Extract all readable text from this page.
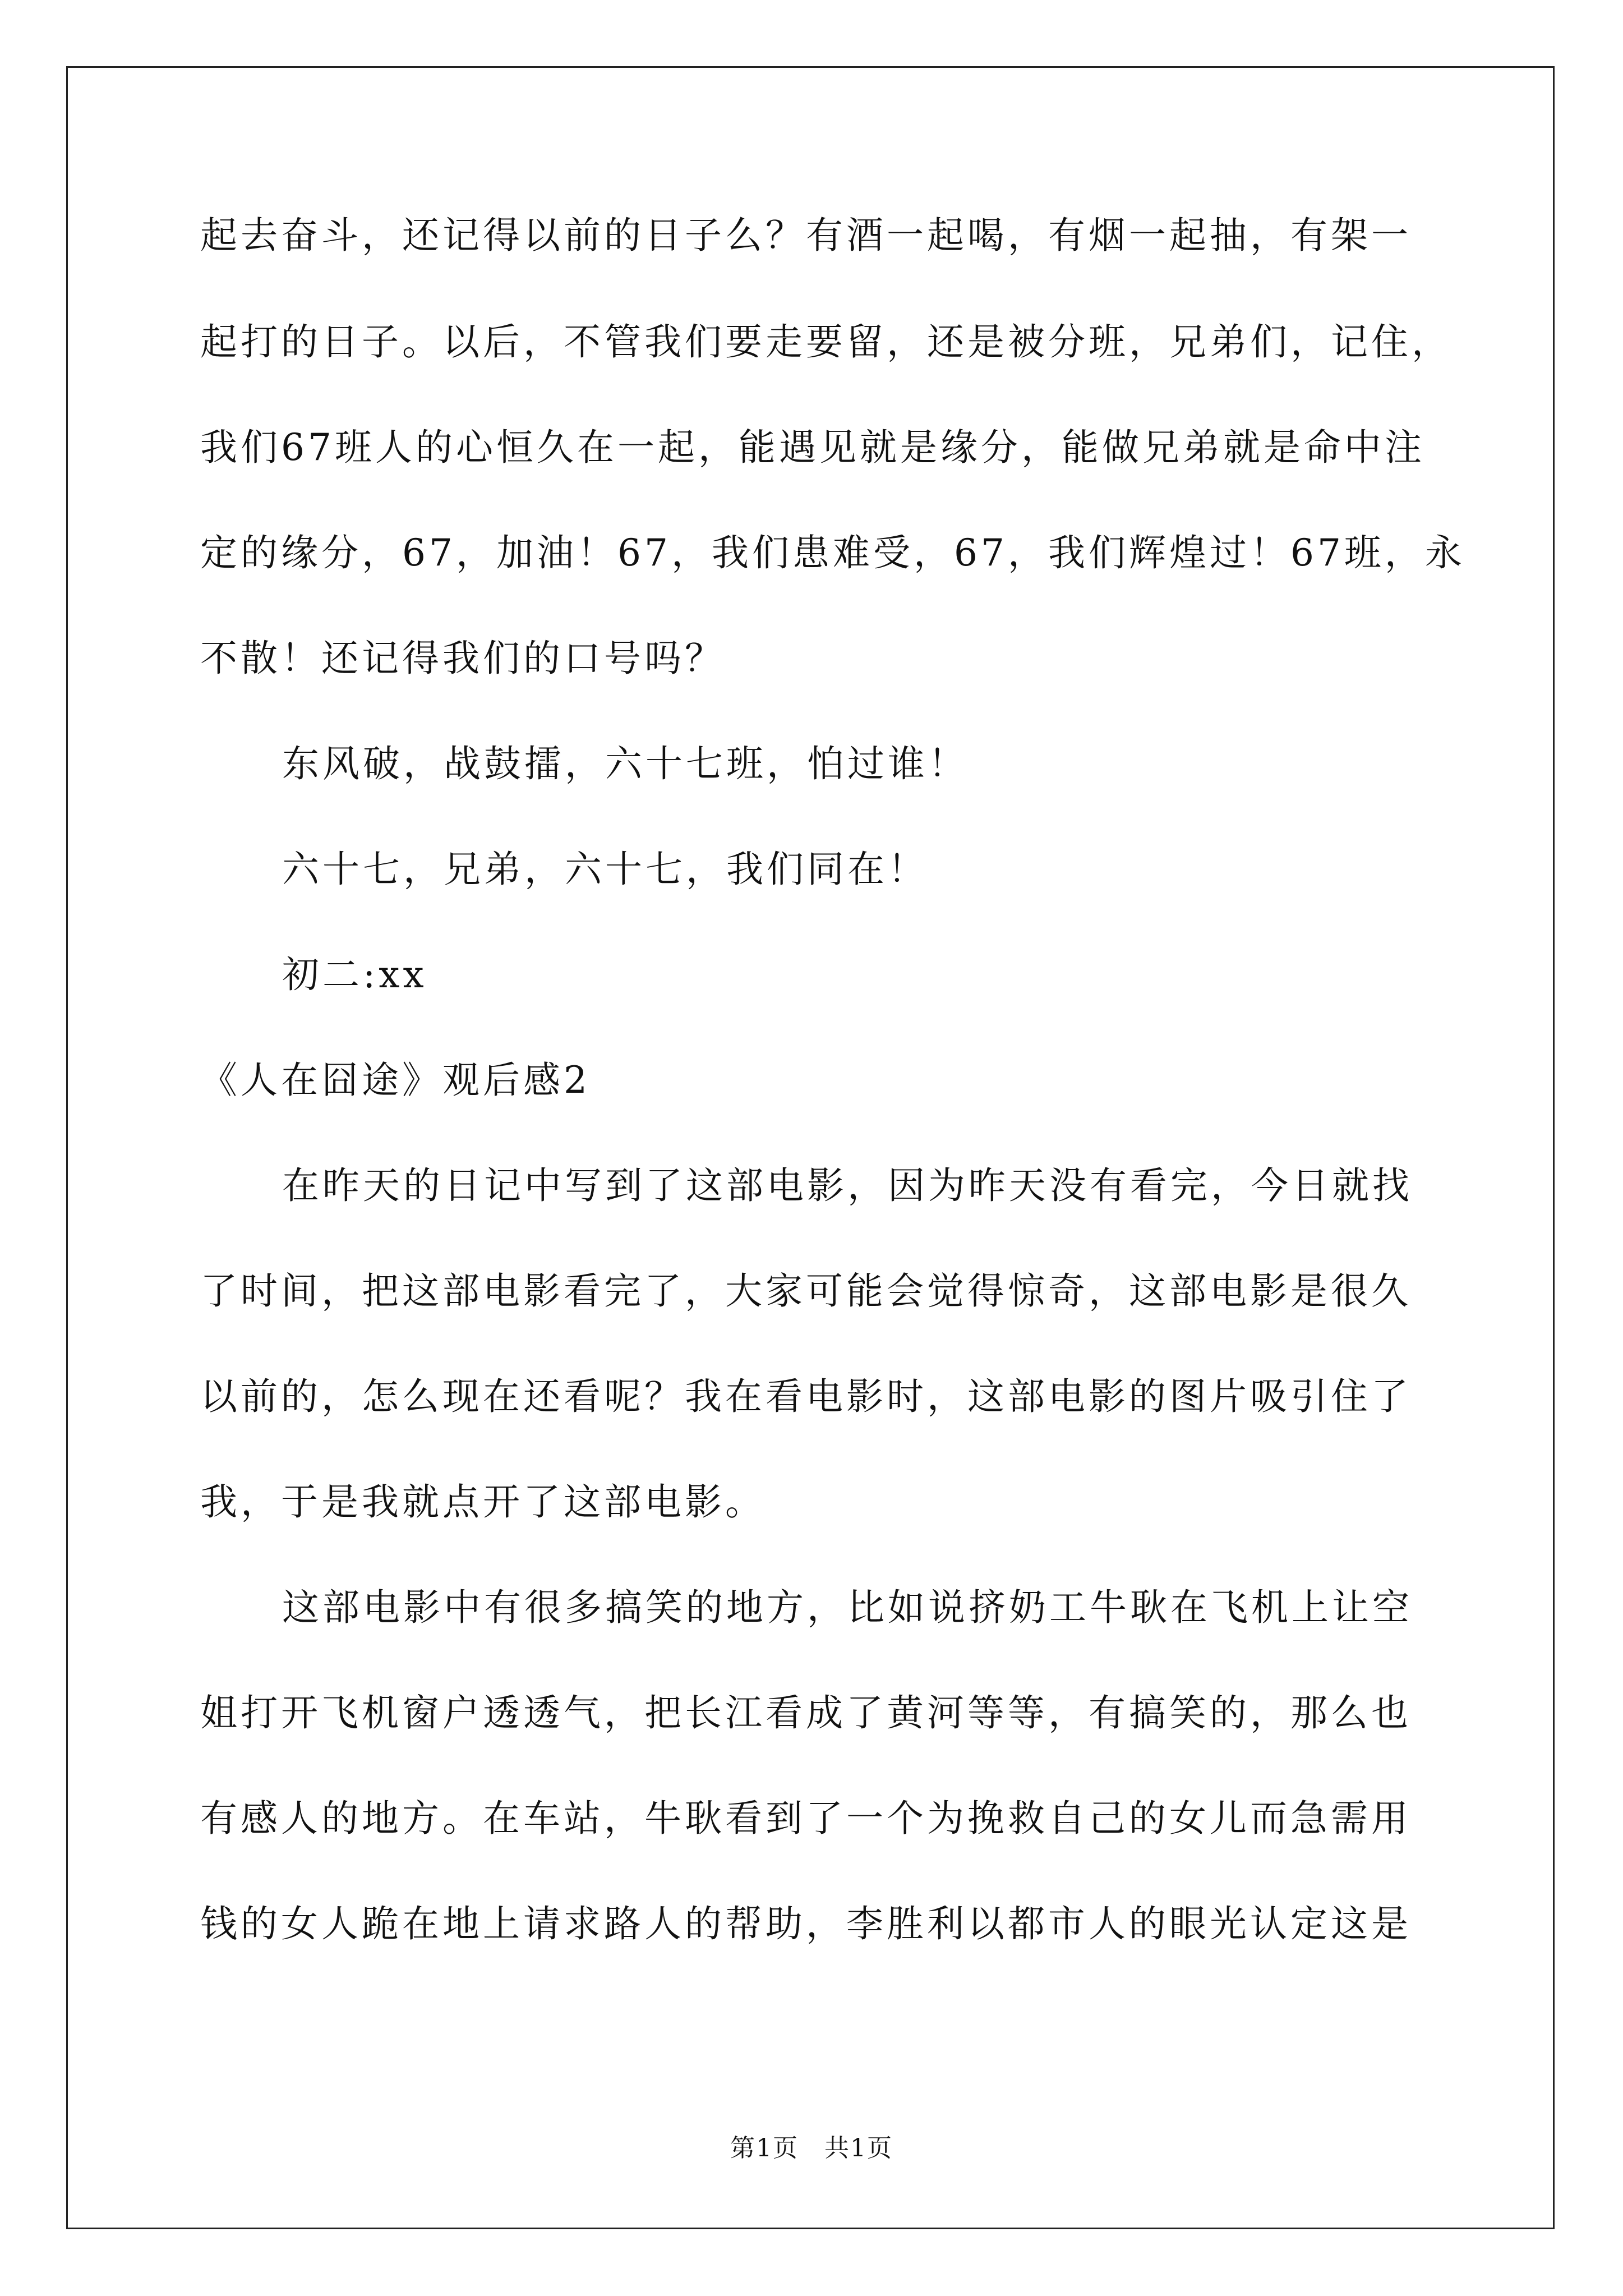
起去奋斗，还记得以前的日子么？有酒一起喝，有烟一起抽，有架一
起打的日子。以后，不管我们要走要留，还是被分班，兄弟们，记住，
我们67班人的心恒久在一起，能遇见就是缘分，能做兄弟就是命中注
定的缘分，67，加油！67，我们患难受，67，我们辉煌过！67班，永
不散！还记得我们的口号吗？
东风破，战鼓擂，六十七班，怕过谁！
六十七，兄弟，六十七，我们同在！
初二:xx
《人在囧途》观后感2
在昨天的日记中写到了这部电影，因为昨天没有看完，今日就找
了时间，把这部电影看完了，大家可能会觉得惊奇，这部电影是很久
以前的，怎么现在还看呢？我在看电影时，这部电影的图片吸引住了
我，于是我就点开了这部电影。
这部电影中有很多搞笑的地方，比如说挤奶工牛耿在飞机上让空
姐打开飞机窗户透透气，把长江看成了黄河等等，有搞笑的，那么也
有感人的地方。在车站，牛耿看到了一个为挽救自己的女儿而急需用
钱的女人跪在地上请求路人的帮助，李胜利以都市人的眼光认定这是
第1页　共1页
